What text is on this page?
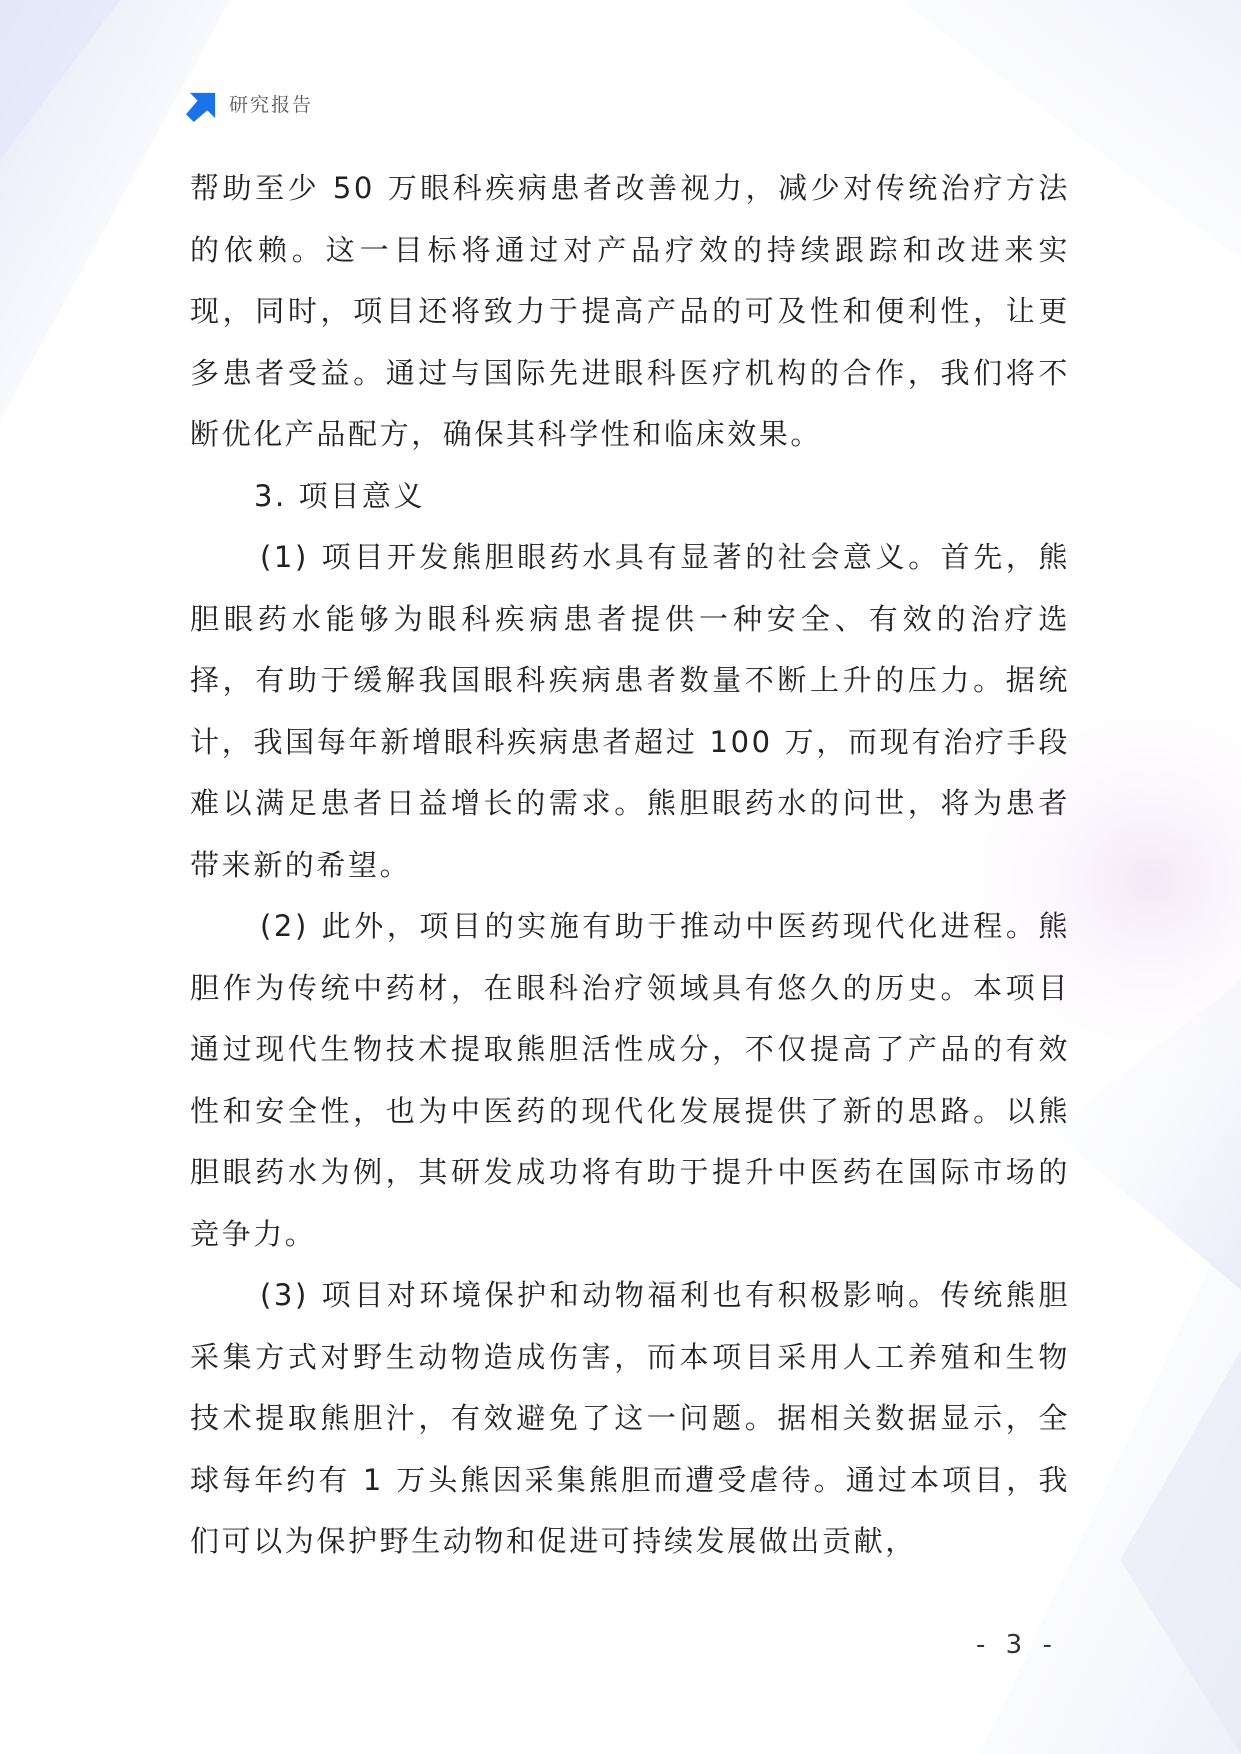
研究报告

帮助至少 50 万眼科疾病患者改善视力，减少对传统治疗方法的依赖。这一目标将通过对产品疗效的持续跟踪和改进来实现，同时，项目还将致力于提高产品的可及性和便利性，让更多患者受益。通过与国际先进眼科医疗机构的合作，我们将不断优化产品配方，确保其科学性和临床效果。

3. 项目意义

(1) 项目开发熊胆眼药水具有显著的社会意义。首先，熊胆眼药水能够为眼科疾病患者提供一种安全、有效的治疗选择，有助于缓解我国眼科疾病患者数量不断上升的压力。据统计，我国每年新增眼科疾病患者超过 100 万，而现有治疗手段难以满足患者日益增长的需求。熊胆眼药水的问世，将为患者带来新的希望。

(2) 此外，项目的实施有助于推动中医药现代化进程。熊胆作为传统中药材，在眼科治疗领域具有悠久的历史。本项目通过现代生物技术提取熊胆活性成分，不仅提高了产品的有效性和安全性，也为中医药的现代化发展提供了新的思路。以熊胆眼药水为例，其研发成功将有助于提升中医药在国际市场的竞争力。

(3) 项目对环境保护和动物福利也有积极影响。传统熊胆采集方式对野生动物造成伤害，而本项目采用人工养殖和生物技术提取熊胆汁，有效避免了这一问题。据相关数据显示，全球每年约有 1 万头熊因采集熊胆而遭受虐待。通过本项目，我们可以为保护野生动物和促进可持续发展做出贡献，

- 3 -
